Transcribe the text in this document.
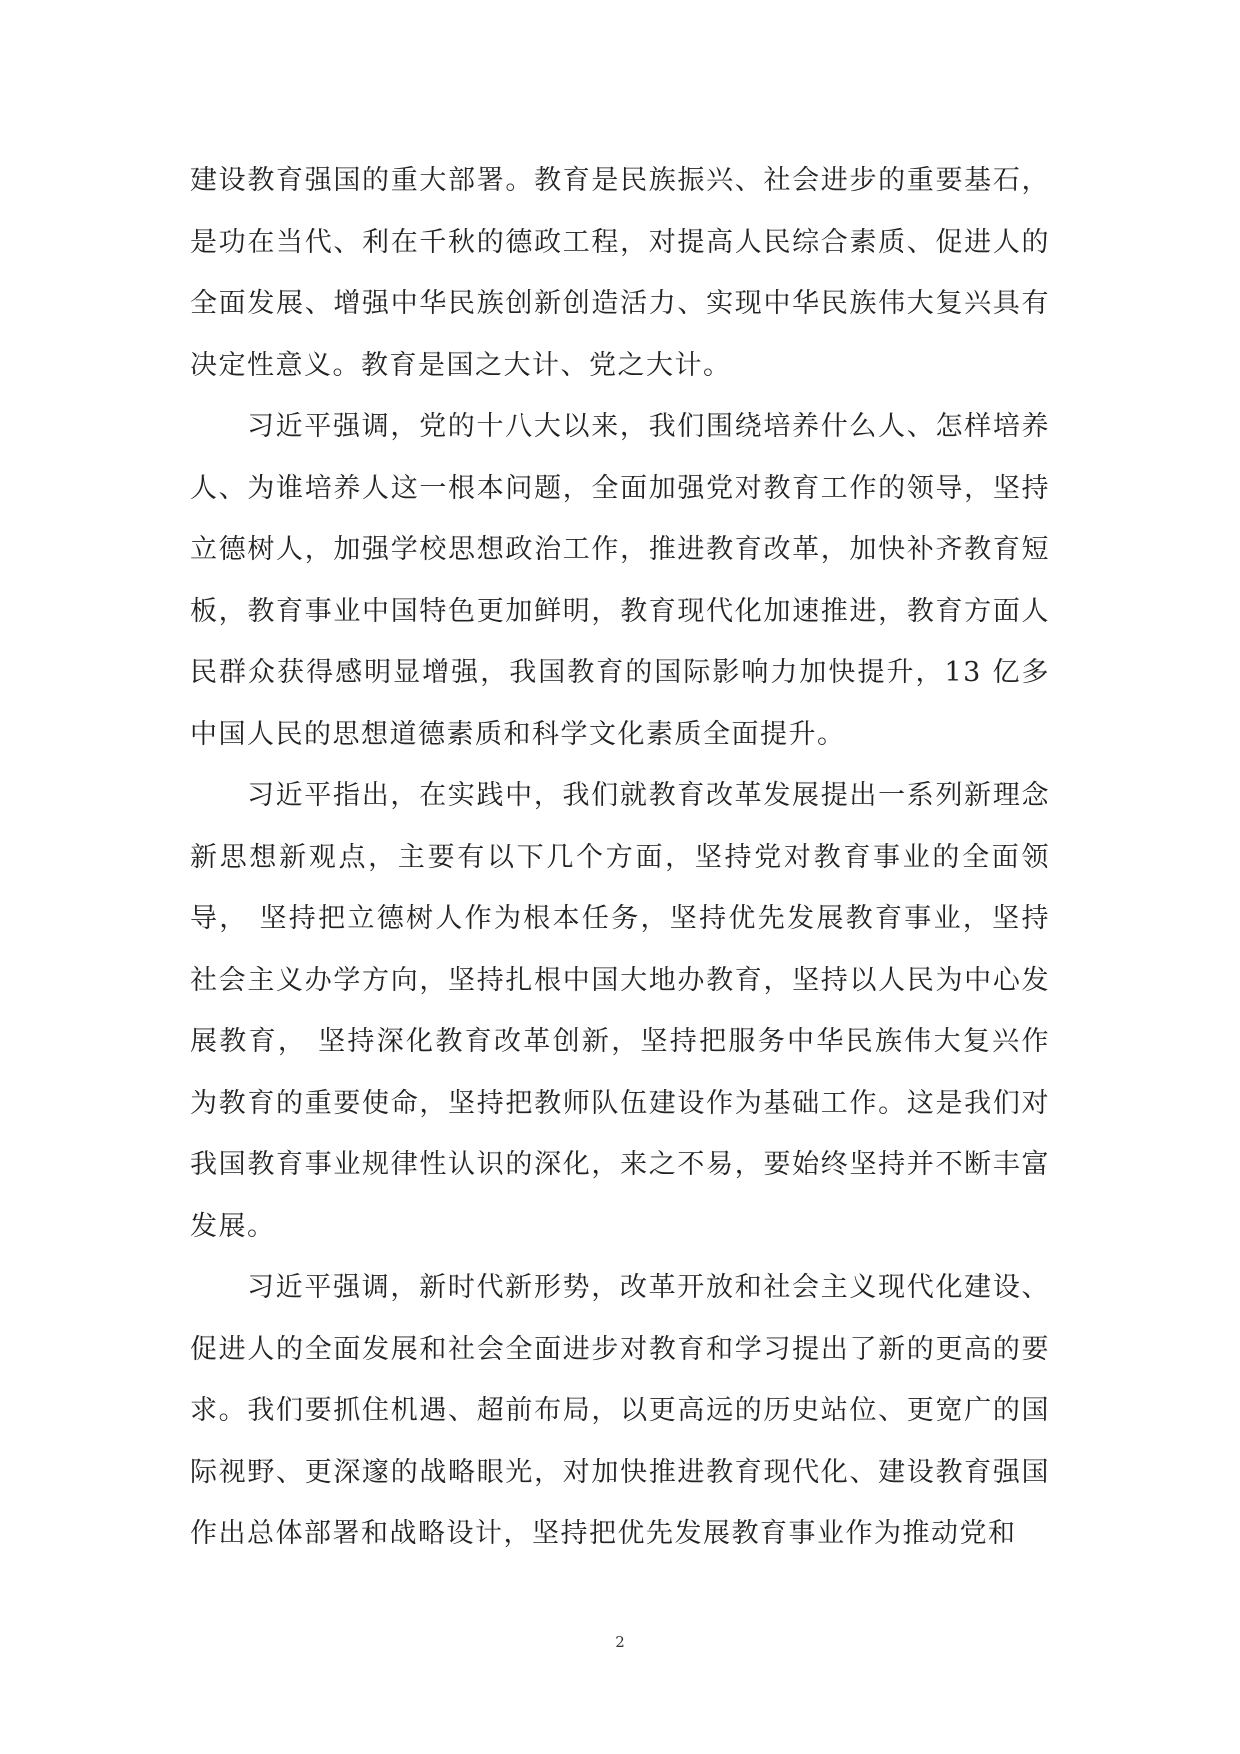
建设教育强国的重大部署。教育是民族振兴、社会进步的重要基石，是功在当代、利在千秋的德政工程，对提高人民综合素质、促进人的全面发展、增强中华民族创新创造活力、实现中华民族伟大复兴具有决定性意义。教育是国之大计、党之大计。

习近平强调，党的十八大以来，我们围绕培养什么人、怎样培养人、为谁培养人这一根本问题，全面加强党对教育工作的领导，坚持立德树人，加强学校思想政治工作，推进教育改革，加快补齐教育短板，教育事业中国特色更加鲜明，教育现代化加速推进，教育方面人民群众获得感明显增强，我国教育的国际影响力加快提升，13 亿多中国人民的思想道德素质和科学文化素质全面提升。

习近平指出，在实践中，我们就教育改革发展提出一系列新理念新思想新观点，主要有以下几个方面，坚持党对教育事业的全面领导， 坚持把立德树人作为根本任务，坚持优先发展教育事业，坚持社会主义办学方向，坚持扎根中国大地办教育，坚持以人民为中心发展教育， 坚持深化教育改革创新，坚持把服务中华民族伟大复兴作为教育的重要使命，坚持把教师队伍建设作为基础工作。这是我们对我国教育事业规律性认识的深化，来之不易，要始终坚持并不断丰富发展。

习近平强调，新时代新形势，改革开放和社会主义现代化建设、促进人的全面发展和社会全面进步对教育和学习提出了新的更高的要求。我们要抓住机遇、超前布局，以更高远的历史站位、更宽广的国际视野、更深邃的战略眼光，对加快推进教育现代化、建设教育强国作出总体部署和战略设计，坚持把优先发展教育事业作为推动党和

2
